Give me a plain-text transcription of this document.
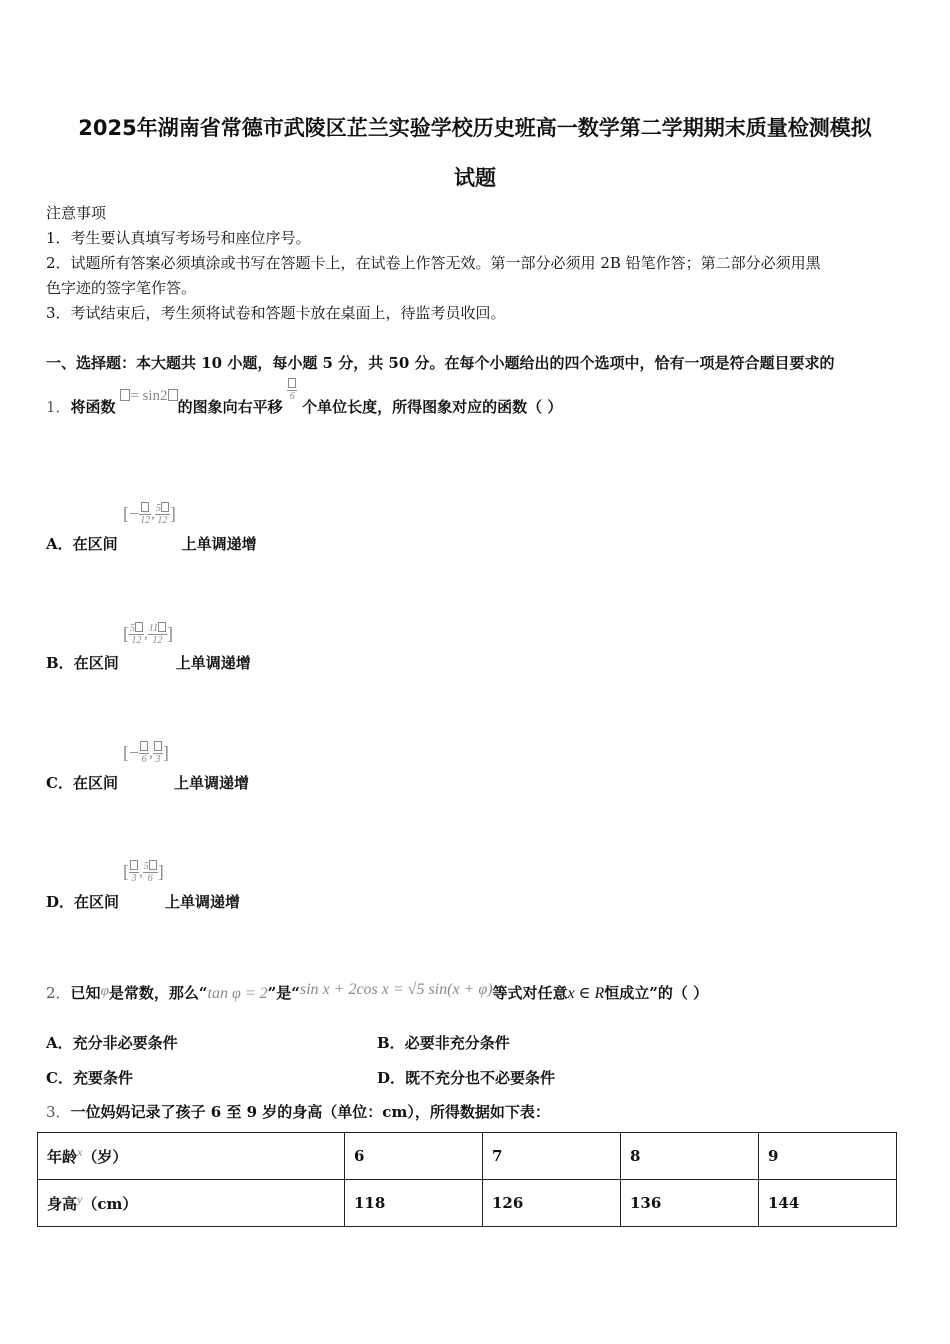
2025年湖南省常德市武陵区芷兰实验学校历史班高一数学第二学期期末质量检测模拟
试题
注意事项
1．考生要认真填写考场号和座位序号。
2．试题所有答案必须填涂或书写在答题卡上，在试卷上作答无效。第一部分必须用 2B 铅笔作答；第二部分必须用黑
色字迹的签字笔作答。
3．考试结束后，考生须将试卷和答题卡放在桌面上，待监考员收回。
一、选择题：本大题共 10 小题，每小题 5 分，共 50 分。在每个小题给出的四个选项中，恰有一项是符合题目要求的
1．将函数 = sin2的图象向右平移
6
个单位长度，所得图象对应的函数（ ）
[− 12 , $\frac{5}{12}$ ]
A．在区间	上单调递增
[ $\frac{5}{12}$ , $\frac{11}{12}$ ]
B．在区间	上单调递增
[− 6 , 3 ]
C．在区间	上单调递增
[ 3 , $\frac{5}{6}$ ]
D．在区间	上单调递增
2．已知φ是常数，那么“tan φ = 2”是“sin x + 2cos x = √5 sin(x + φ)等式对任意x ∈ R恒成立”的（ ）
A．充分非必要条件	B．必要非充分条件
C．充要条件	D．既不充分也不必要条件
3．一位妈妈记录了孩子 6 至 9 岁的身高（单位：cm），所得数据如下表：
年龄$^x$（岁）	6	7	8	9
身高$^y$（cm）	118	126	136	144
